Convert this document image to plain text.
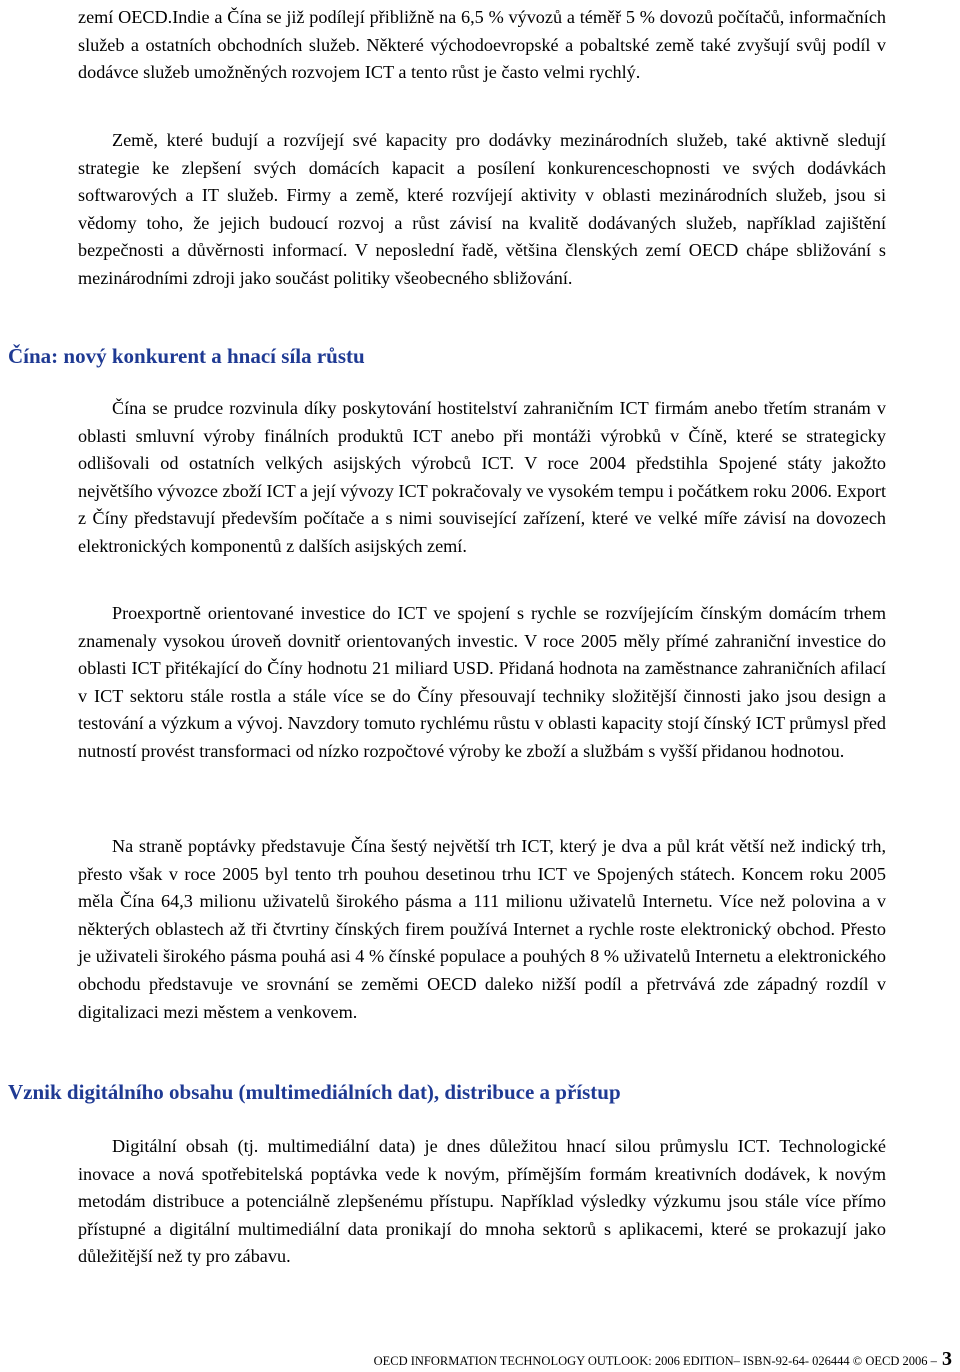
zemí OECD.Indie a Čína se již podílejí přibližně na 6,5 % vývozů a téměř 5 % dovozů počítačů, informačních služeb a ostatních obchodních služeb. Některé východoevropské a pobaltské země také zvyšují svůj podíl v dodávce služeb umožněných rozvojem ICT a tento růst je často velmi rychlý.

Země, které budují a rozvíjejí své kapacity pro dodávky mezinárodních služeb, také aktivně sledují strategie ke zlepšení svých domácích kapacit a posílení konkurenceschopnosti ve svých dodávkách softwarových a IT služeb. Firmy a země, které rozvíjejí aktivity v oblasti mezinárodních služeb, jsou si vědomy toho, že jejich budoucí rozvoj a růst závisí na kvalitě dodávaných služeb, například zajištění bezpečnosti a důvěrnosti informací. V neposlední řadě, většina členských zemí OECD chápe sbližování s mezinárodními zdroji jako součást politiky všeobecného sbližování.

Čína: nový konkurent a hnací síla růstu

Čína se prudce rozvinula díky poskytování hostitelství zahraničním ICT firmám anebo třetím stranám v oblasti smluvní výroby finálních produktů ICT anebo při montáži výrobků v Číně, které se strategicky odlišovali od ostatních velkých asijských výrobců ICT. V roce 2004 předstihla Spojené státy jakožto největšího vývozce zboží ICT a její vývozy ICT pokračovaly ve vysokém tempu i počátkem roku 2006. Export z Číny představují především počítače a s nimi související zařízení, které ve velké míře závisí na dovozech elektronických komponentů z dalších asijských zemí.

Proexportně orientované investice do ICT ve spojení s rychle se rozvíjejícím čínským domácím trhem znamenaly vysokou úroveň dovnitř orientovaných investic. V roce 2005 měly přímé zahraniční investice do oblasti ICT přitékající do Číny hodnotu 21 miliard USD. Přidaná hodnota na zaměstnance zahraničních afilací v ICT sektoru stále rostla a stále více se do Číny přesouvají techniky složitější činnosti jako jsou design a testování a výzkum a vývoj. Navzdory tomuto rychlému růstu v oblasti kapacity stojí čínský ICT průmysl před nutností provést transformaci od nízko rozpočtové výroby ke zboží a službám s vyšší přidanou hodnotou.

Na straně poptávky představuje Čína šestý největší trh ICT, který je dva a půl krát větší než indický trh, přesto však v roce 2005 byl tento trh pouhou desetinou trhu ICT ve Spojených státech. Koncem roku 2005 měla Čína 64,3 milionu uživatelů širokého pásma a 111 milionu uživatelů Internetu. Více než polovina a v některých oblastech až tři čtvrtiny čínských firem používá Internet a rychle roste elektronický obchod. Přesto je uživateli širokého pásma pouhá asi 4 % čínské populace a pouhých 8 % uživatelů Internetu a elektronického obchodu představuje ve srovnání se zeměmi OECD daleko nižší podíl a přetrvává zde západný rozdíl v digitalizaci mezi městem a venkovem.

Vznik digitálního obsahu (multimediálních dat), distribuce a přístup

Digitální obsah (tj. multimediální data) je dnes důležitou hnací silou průmyslu ICT. Technologické inovace a nová spotřebitelská poptávka vede k novým, příměјším formám kreativních dodávek, k novým metodám distribuce a potenciálně zlepšenému přístupu. Například výsledky výzkumu jsou stále více přímo přístupné a digitální multimediální data pronikají do mnoha sektorů s aplikacemi, které se prokazují jako důležitější než ty pro zábavu.

OECD INFORMATION TECHNOLOGY OUTLOOK: 2006 EDITION– ISBN-92-64- 026444 © OECD 2006 – 3
